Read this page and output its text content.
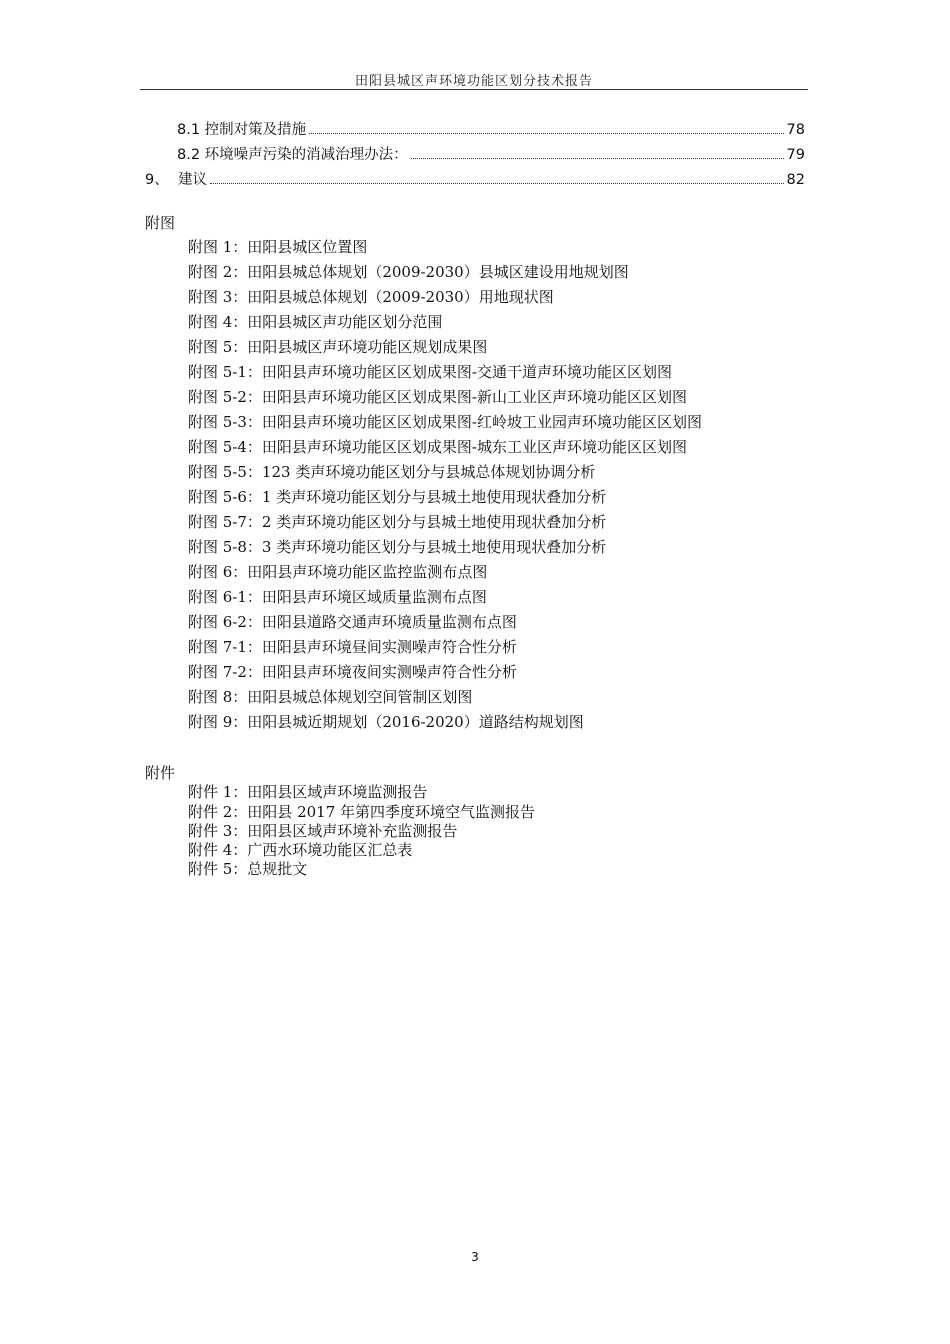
田阳县城区声环境功能区划分技术报告
8.1 控制对策及措施	78
8.2 环境噪声污染的消减治理办法：	79
9、  建议	82
附图
附图 1：田阳县城区位置图
附图 2：田阳县城总体规划（2009-2030）县城区建设用地规划图
附图 3：田阳县城总体规划（2009-2030）用地现状图
附图 4：田阳县城区声功能区划分范围
附图 5：田阳县城区声环境功能区规划成果图
附图 5-1：田阳县声环境功能区区划成果图-交通干道声环境功能区区划图
附图 5-2：田阳县声环境功能区区划成果图-新山工业区声环境功能区区划图
附图 5-3：田阳县声环境功能区区划成果图-红岭坡工业园声环境功能区区划图
附图 5-4：田阳县声环境功能区区划成果图-城东工业区声环境功能区区划图
附图 5-5：123 类声环境功能区划分与县城总体规划协调分析
附图 5-6：1 类声环境功能区划分与县城土地使用现状叠加分析
附图 5-7：2 类声环境功能区划分与县城土地使用现状叠加分析
附图 5-8：3 类声环境功能区划分与县城土地使用现状叠加分析
附图 6：田阳县声环境功能区监控监测布点图
附图 6-1：田阳县声环境区域质量监测布点图
附图 6-2：田阳县道路交通声环境质量监测布点图
附图 7-1：田阳县声环境昼间实测噪声符合性分析
附图 7-2：田阳县声环境夜间实测噪声符合性分析
附图 8：田阳县城总体规划空间管制区划图
附图 9：田阳县城近期规划（2016-2020）道路结构规划图
附件
附件 1：田阳县区域声环境监测报告
附件 2：田阳县 2017 年第四季度环境空气监测报告
附件 3：田阳县区域声环境补充监测报告
附件 4：广西水环境功能区汇总表
附件 5：总规批文
3
